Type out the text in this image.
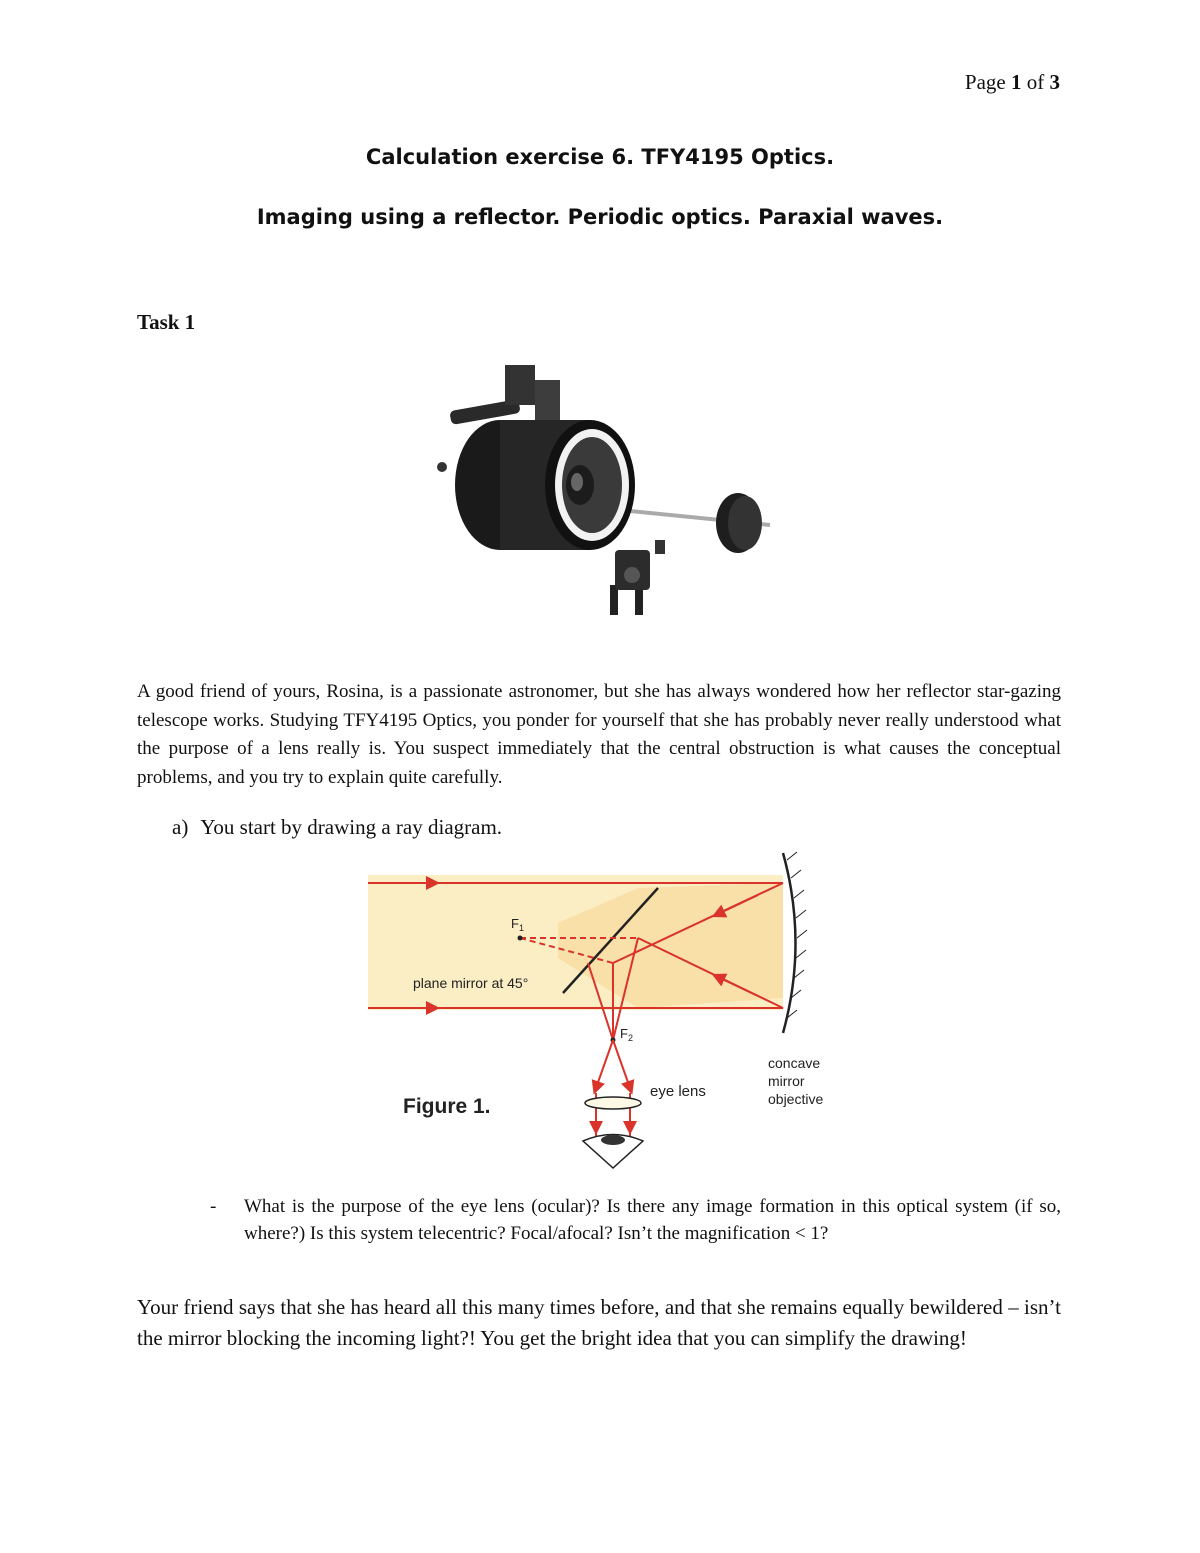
Page 1 of 3
Calculation exercise 6. TFY4195 Optics.
Imaging using a reflector. Periodic optics. Paraxial waves.
Task 1

A good friend of yours, Rosina, is a passionate astronomer, but she has always wondered how her reflector star-gazing telescope works. Studying TFY4195 Optics, you ponder for yourself that she has probably never really understood what the purpose of a lens really is. You suspect immediately that the central obstruction is what causes the conceptual problems, and you try to explain quite carefully.

a) You start by drawing a ray diagram.
$F_1$
$F_2$
plane mirror at 45°
eye lens
concave
mirror
objective
Figure 1.
- What is the purpose of the eye lens (ocular)? Is there any image formation in this optical system (if so, where?) Is this system telecentric? Focal/afocal? Isn’t the magnification < 1?

Your friend says that she has heard all this many times before, and that she remains equally bewildered – isn’t the mirror blocking the incoming light?! You get the bright idea that you can simplify the drawing!
